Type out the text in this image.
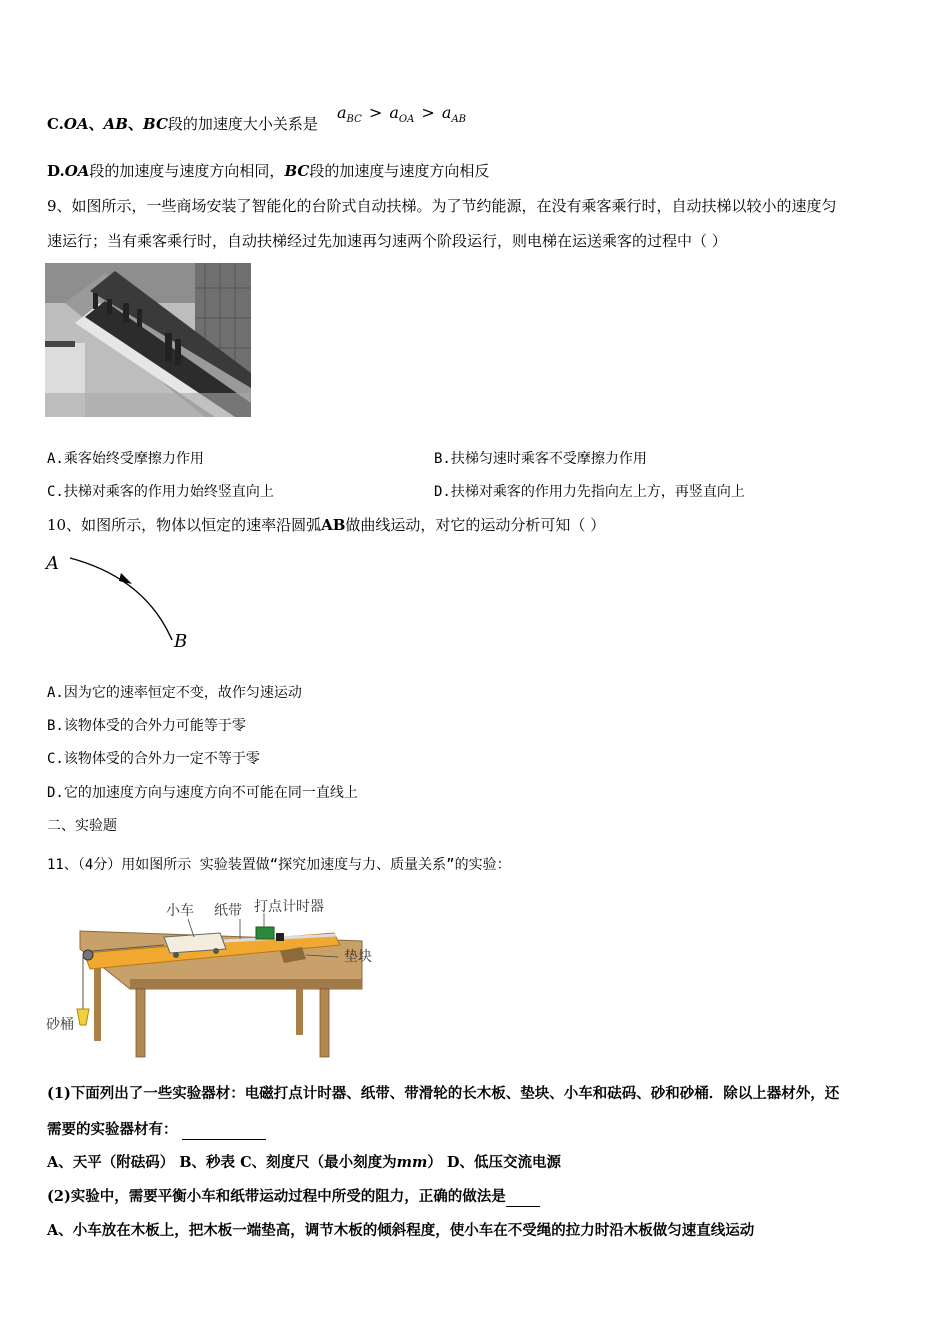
C.OA、AB、BC段的加速度大小关系是
$a_{BC} > a_{OA} > a_{AB}$
D.OA段的加速度与速度方向相同，BC段的加速度与速度方向相反
9、如图所示，一些商场安装了智能化的台阶式自动扶梯。为了节约能源，在没有乘客乘行时，自动扶梯以较小的速度匀
速运行；当有乘客乘行时，自动扶梯经过先加速再匀速两个阶段运行，则电梯在运送乘客的过程中（ ）
A.乘客始终受摩擦力作用	B.扶梯匀速时乘客不受摩擦力作用
C.扶梯对乘客的作用力始终竖直向上	D.扶梯对乘客的作用力先指向左上方，再竖直向上
10、如图所示，物体以恒定的速率沿圆弧AB做曲线运动，对它的运动分析可知（ ）
A
B
A.因为它的速率恒定不变，故作匀速运动
B.该物体受的合外力可能等于零
C.该物体受的合外力一定不等于零
D.它的加速度方向与速度方向不可能在同一直线上
二、实验题
11、（4分）用如图所示 实验装置做“探究加速度与力、质量关系”的实验：
小车 纸带 打点计时器
垫块
砂桶
(1)下面列出了一些实验器材：电磁打点计时器、纸带、带滑轮的长木板、垫块、小车和砝码、砂和砂桶．除以上器材外，还
需要的实验器材有：
A、天平（附砝码） B、秒表 C、刻度尺（最小刻度为mm） D、低压交流电源
(2)实验中，需要平衡小车和纸带运动过程中所受的阻力，正确的做法是
A、小车放在木板上，把木板一端垫高，调节木板的倾斜程度，使小车在不受绳的拉力时沿木板做匀速直线运动
